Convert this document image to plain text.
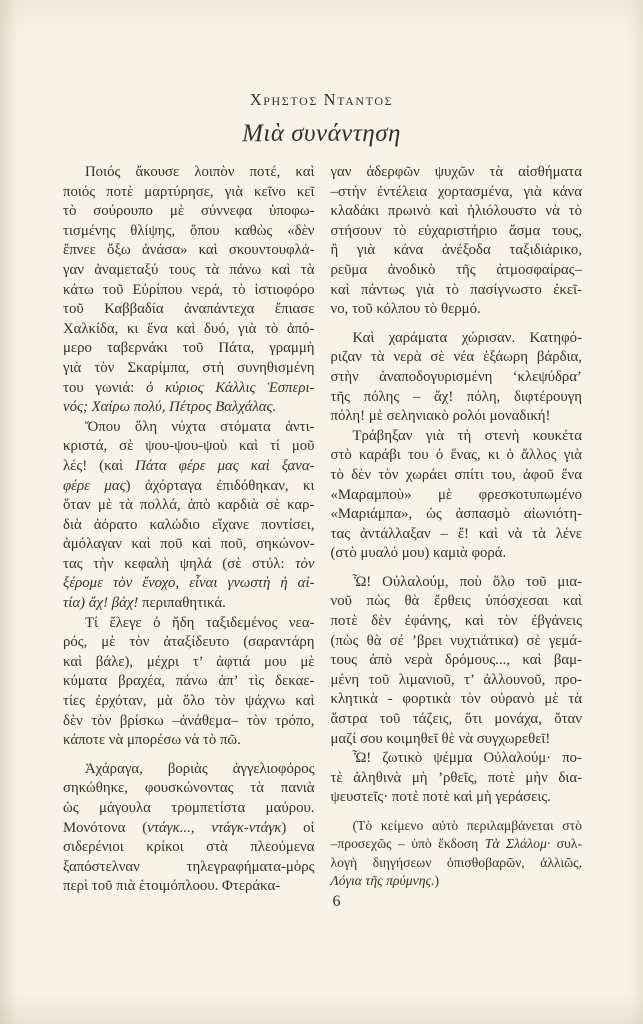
Χρηστος Νταντος
Μιὰ συνάντηση
Ποιός ἄκουσε λοιπὸν ποτέ, καὶ
ποιός ποτὲ μαρτύρησε, γιὰ κεῖνο κεῖ
τὸ σούρουπο μὲ σύννεφα ὑποφω-
τισμένης θλίψης, ὅπου καθὼς «δὲν
ἔπνεε ὄξω ἀνάσα» καὶ σκουντουφλά-
γαν ἀναμεταξύ τους τὰ πάνω καὶ τὰ
κάτω τοῦ Εὐρίπου νερά, τὸ ἱστιοφόρο
τοῦ Καββαδία ἀναπάντεχα ἔπιασε
Χαλκίδα, κι ἕνα καὶ δυό, γιὰ τὸ ἀπό-
μερο ταβερνάκι τοῦ Πάτα, γραμμὴ
γιὰ τὸν Σκαρίμπα, στὴ συνηθισμένη
του γωνιά: ὁ κύριος Κάλλις Ἑσπερι-
νός; Χαίρω πολύ, Πέτρος Βαλχάλας.
Ὅπου ὅλη νύχτα στόματα ἀντι-
κριστά, σὲ ψου-ψου-ψοὺ καὶ τί μοῦ
λές! (καὶ Πάτα φέρε μας καὶ ξανα-
φέρε μας) ἀχόρταγα ἐπιδόθηκαν, κι
ὅταν μὲ τὰ πολλά, ἀπὸ καρδιὰ σὲ καρ-
διὰ ἀόρατο καλώδιο εἴχανε ποντίσει,
ἀμόλαγαν καὶ ποῦ καὶ ποῦ, σηκώνον-
τας τὴν κεφαλὴ ψηλά (σὲ στύλ: τὸν
ξέρομε τὸν ἔνοχο, εἶναι γνωστὴ ἡ αἰ-
τία) ἄχ! βάχ! περιπαθητικά.
Τί ἔλεγε ὁ ἤδη ταξιδεμένος νεα-
ρός, μὲ τὸν ἀταξίδευτο (σαραντάρη
καὶ βάλε), μέχρι τ’ ἀφτιά μου μὲ
κύματα βραχέα, πάνω ἀπ’ τὶς δεκαε-
τίες ἐρχόταν, μὰ ὅλο τὸν ψάχνω καὶ
δὲν τὸν βρίσκω –ἀνάθεμα– τὸν τρόπο,
κάποτε νὰ μπορέσω νὰ τὸ πῶ.
Ἀχάραγα, βοριὰς ἀγγελιοφόρος
σηκώθηκε, φουσκώνοντας τὰ πανιὰ
ὡς μάγουλα τρομπετίστα μαύρου.
Μονότονα (ντάγκ..., ντάγκ-ντάγκ) οἱ
σιδερένιοι κρίκοι στὰ πλεούμενα
ξαπόστελναν τηλεγραφήματα-μὸρς
περὶ τοῦ πιὰ ἑτοιμόπλοου. Φτεράκα-
γαν ἀδερφῶν ψυχῶν τὰ αἰσθήματα
–στὴν ἐντέλεια χορτασμένα, γιὰ κάνα
κλαδάκι πρωινὸ καὶ ἡλιόλουστο νὰ τὸ
στήσουν τὸ εὐχαριστήριο ἄσμα τους,
ἢ γιὰ κάνα ἀνέξοδα ταξιδιάρικο,
ρεῦμα ἀνοδικὸ τῆς ἀτμοσφαίρας–
καὶ πάντως γιὰ τὸ πασίγνωστο ἐκεῖ-
νο, τοῦ κόλπου τὸ θερμό.
Καὶ χαράματα χώρισαν. Κατηφό-
ριζαν τὰ νερὰ σὲ νέα ἑξάωρη βάρδια,
στὴν ἀναποδογυρισμένη ‘κλεψύδρα’
τῆς πόλης – ἄχ! πόλη, διφτέρουγη
πόλη! μὲ σεληνιακὸ ρολόι μοναδική!
Τράβηξαν γιὰ τὴ στενὴ κουκέτα
στὸ καράβι του ὁ ἕνας, κι ὁ ἄλλος γιὰ
τὸ δὲν τὸν χωράει σπίτι του, ἀφοῦ ἕνα
«Μαραμποὺ» μὲ φρεσκοτυπωμένο
«Μαριάμπα», ὡς ἀσπασμὸ αἰωνιότη-
τας ἀντάλλαξαν – ἔ! καὶ νὰ τὰ λένε
(στὸ μυαλό μου) καμιὰ φορά.
Ὦ! Οὐλαλούμ, ποὺ ὅλο τοῦ μια-
νοῦ πὼς θὰ ἔρθεις ὑπόσχεσαι καὶ
ποτὲ δὲν ἐφάνης, καὶ τὸν ἐβγάνεις
(πὼς θὰ σέ ’βρει νυχτιάτικα) σὲ γεμά-
τους ἀπὸ νερὰ δρόμους..., καὶ βαμ-
μένη τοῦ λιμανιοῦ, τ’ ἀλλουνοῦ, προ-
κλητικὰ - φορτικὰ τὸν οὐρανὸ μὲ τὰ
ἄστρα τοῦ τάζεις, ὅτι μονάχα, ὅταν
μαζί σου κοιμηθεῖ θὲ νὰ συγχωρεθεῖ!
Ὦ! ζωτικὸ ψέμμα Οὐλαλούμ· πο-
τὲ ἀληθινὰ μὴ ’ρθεῖς, ποτὲ μὴν δια-
ψευστεῖς· ποτὲ ποτὲ καὶ μὴ γεράσεις.
(Τὸ κείμενο αὐτὸ περιλαμβάνεται στὸ
–προσεχῶς – ὑπὸ ἔκδοση Τὰ Σλάλομ· συλ-
λογὴ διηγήσεων ὀπισθοβαρῶν, ἀλλιῶς,
Λόγια τῆς πρύμνης.)
6
